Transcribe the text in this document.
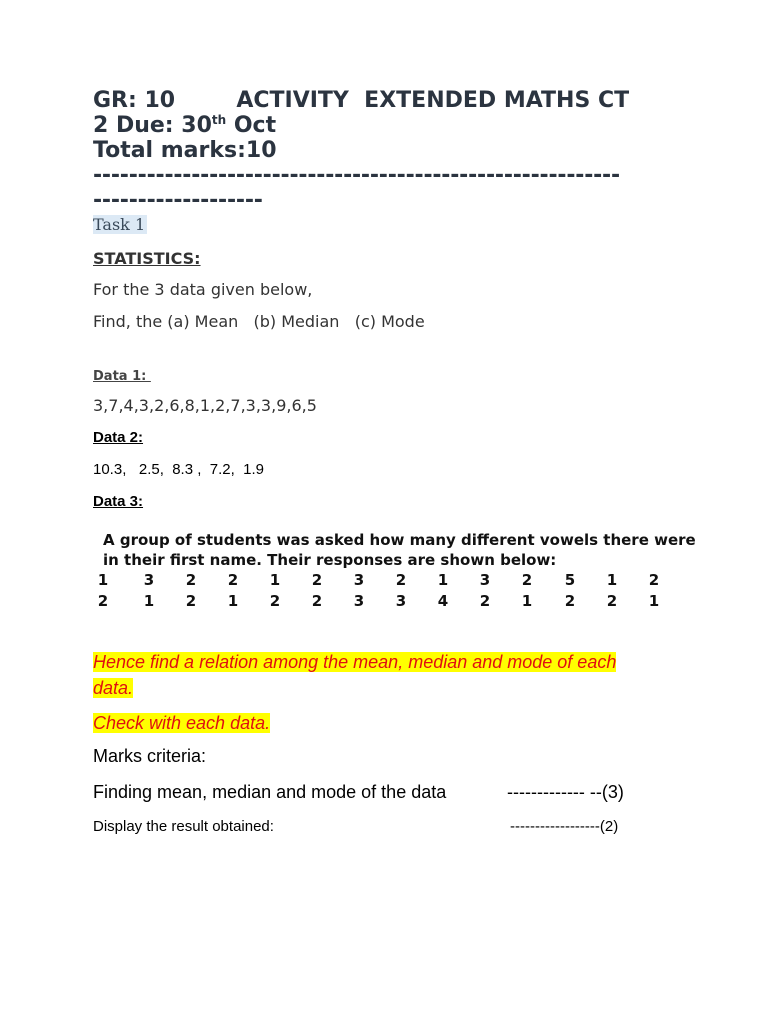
GR: 10        ACTIVITY  EXTENDED MATHS CT
2 Due: 30th Oct
Total marks:10
-----------------------------------------------------------
-------------------
Task 1
STATISTICS:
For the 3 data given below,
Find, the (a) Mean   (b) Median   (c) Mode
Data 1:
3,7,4,3,2,6,8,1,2,7,3,3,9,6,5
Data 2:
10.3,   2.5,  8.3 ,  7.2,  1.9
Data 3:
A group of students was asked how many different vowels there were
in their first name. Their responses are shown below:
1	3	2	2	1	2	3	2	1	3	2	5	1	2
2	1	2	1	2	2	3	3	4	2	1	2	2	1
Hence find a relation among the mean, median and mode of each
data.
Check with each data.
Marks criteria:
Finding mean, median and mode of the data	------------- --(3)
Display the result obtained:	------------------(2)
